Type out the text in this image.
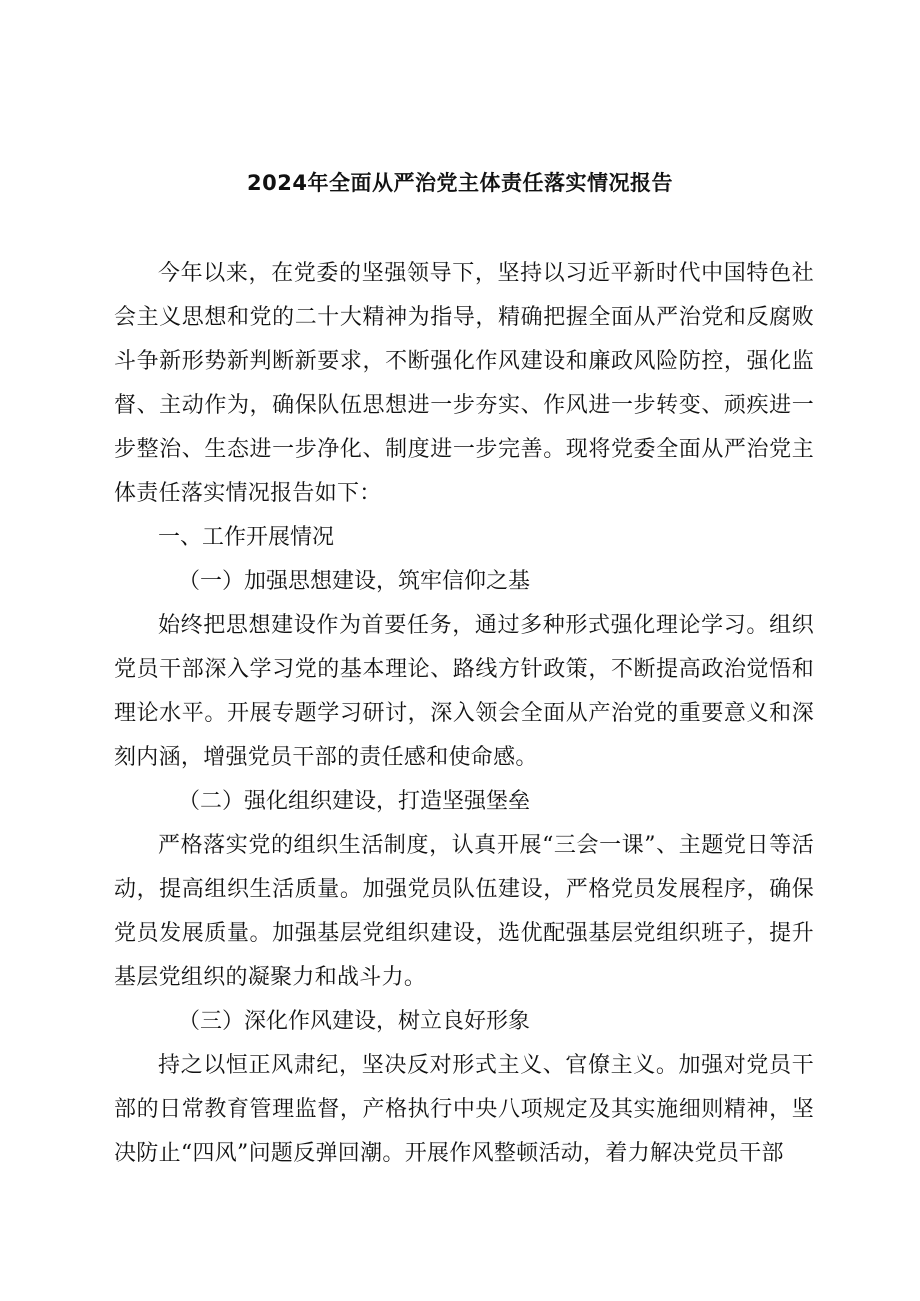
2024年全面从严治党主体责任落实情况报告

今年以来，在党委的坚强领导下，坚持以习近平新时代中国特色社会主义思想和党的二十大精神为指导，精确把握全面从严治党和反腐败斗争新形势新判断新要求，不断强化作风建设和廉政风险防控，强化监督、主动作为，确保队伍思想进一步夯实、作风进一步转变、顽疾进一步整治、生态进一步净化、制度进一步完善。现将党委全面从严治党主体责任落实情况报告如下：

一、工作开展情况

（一）加强思想建设，筑牢信仰之基

始终把思想建设作为首要任务，通过多种形式强化理论学习。组织党员干部深入学习党的基本理论、路线方针政策，不断提高政治觉悟和理论水平。开展专题学习研讨，深入领会全面从产治党的重要意义和深刻内涵，增强党员干部的责任感和使命感。

（二）强化组织建设，打造坚强堡垒

严格落实党的组织生活制度，认真开展“三会一课”、主题党日等活动，提高组织生活质量。加强党员队伍建设，严格党员发展程序，确保党员发展质量。加强基层党组织建设，选优配强基层党组织班子，提升基层党组织的凝聚力和战斗力。

（三）深化作风建设，树立良好形象

持之以恒正风肃纪，坚决反对形式主义、官僚主义。加强对党员干部的日常教育管理监督，产格执行中央八项规定及其实施细则精神，坚决防止“四风”问题反弹回潮。开展作风整顿活动，着力解决党员干部
